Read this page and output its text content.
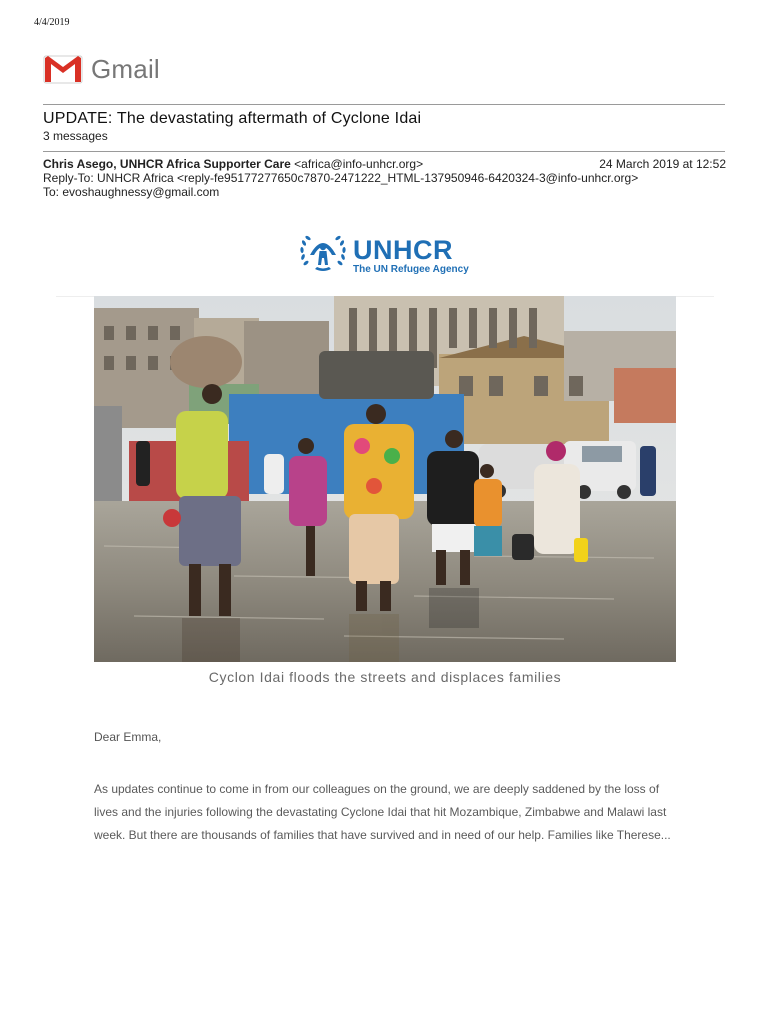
4/4/2019
Gmail
UPDATE: The devastating aftermath of Cyclone Idai
3 messages
Chris Asego, UNHCR Africa Supporter Care <africa@info-unhcr.org>	24 March 2019 at 12:52
Reply-To: UNHCR Africa <reply-fe95177277650c7870-2471222_HTML-137950946-6420324-3@info-unhcr.org>
To: evoshaughnessy@gmail.com
UNHCR
The UN Refugee Agency
Cyclon Idai floods the streets and displaces families
Dear Emma,

As updates continue to come in from our colleagues on the ground, we are deeply saddened by the loss of lives and the injuries following the devastating Cyclone Idai that hit Mozambique, Zimbabwe and Malawi last week. But there are thousands of families that have survived and in need of our help. Families like Therese...
